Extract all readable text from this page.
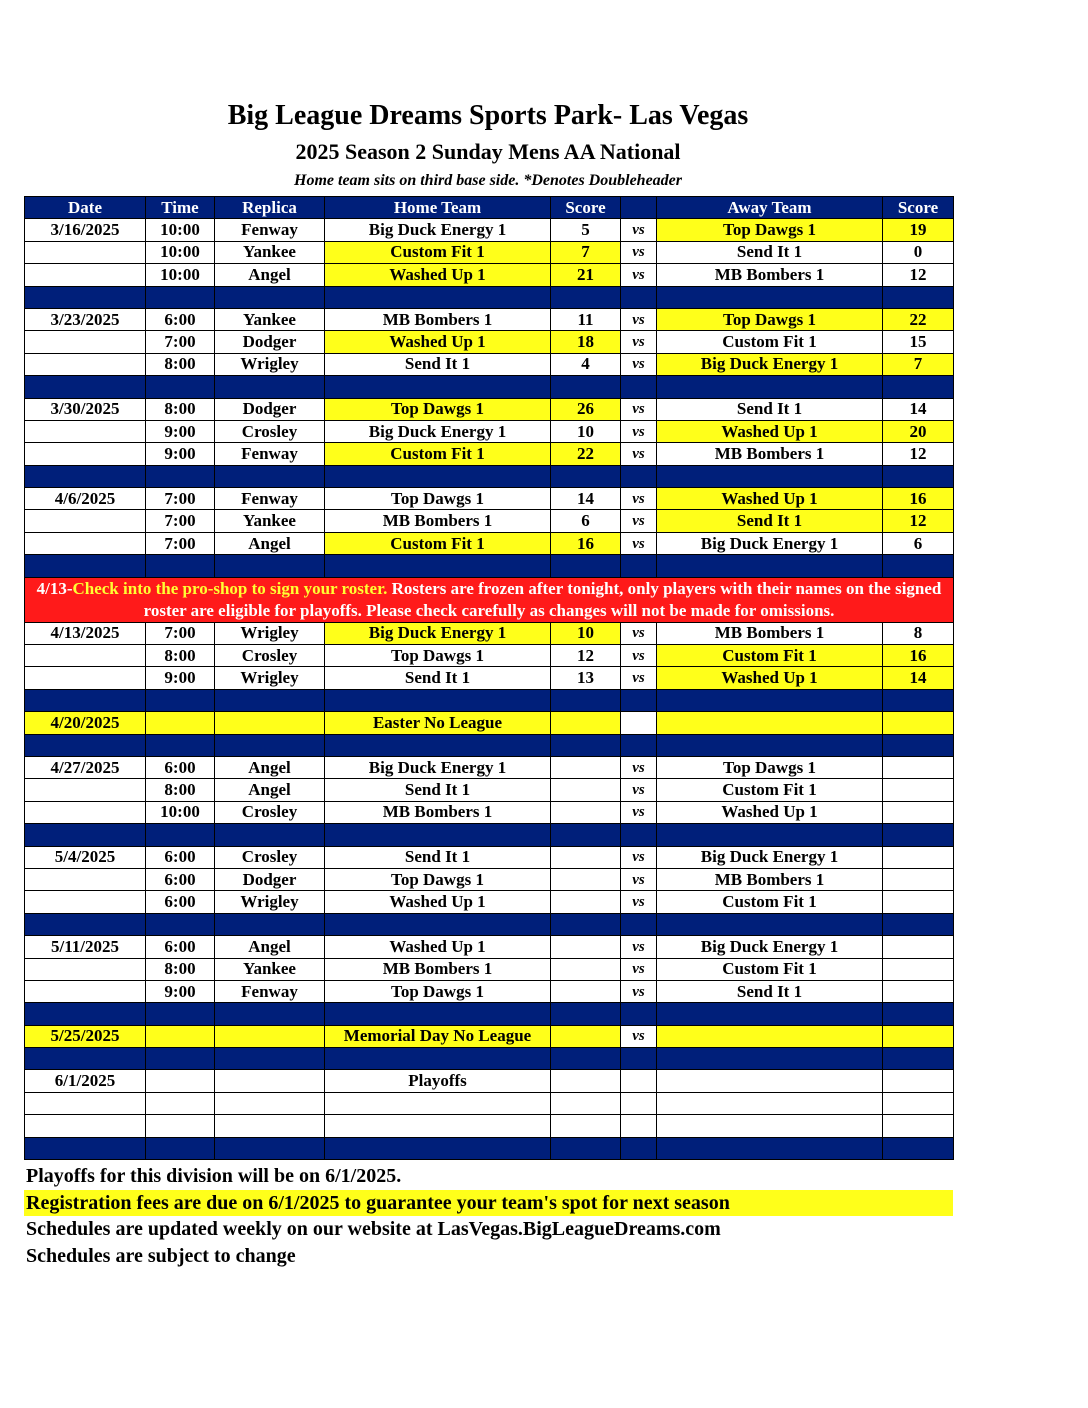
Big League Dreams Sports Park- Las Vegas
2025 Season 2 Sunday Mens AA National
Home team sits on third base side. *Denotes Doubleheader
Date	Time	Replica	Home Team	Score		Away Team	Score
3/16/2025	10:00	Fenway	Big Duck Energy 1	5	vs	Top Dawgs 1	19
	10:00	Yankee	Custom Fit 1	7	vs	Send It 1	0
	10:00	Angel	Washed Up 1	21	vs	MB Bombers 1	12

3/23/2025	6:00	Yankee	MB Bombers 1	11	vs	Top Dawgs 1	22
	7:00	Dodger	Washed Up 1	18	vs	Custom Fit 1	15
	8:00	Wrigley	Send It 1	4	vs	Big Duck Energy 1	7

3/30/2025	8:00	Dodger	Top Dawgs 1	26	vs	Send It 1	14
	9:00	Crosley	Big Duck Energy 1	10	vs	Washed Up 1	20
	9:00	Fenway	Custom Fit 1	22	vs	MB Bombers 1	12

4/6/2025	7:00	Fenway	Top Dawgs 1	14	vs	Washed Up 1	16
	7:00	Yankee	MB Bombers 1	6	vs	Send It 1	12
	7:00	Angel	Custom Fit 1	16	vs	Big Duck Energy 1	6

4/13-Check into the pro-shop to sign your roster. Rosters are frozen after tonight, only players with their names on the signed roster are eligible for playoffs. Please check carefully as changes will not be made for omissions.							
4/13/2025	7:00	Wrigley	Big Duck Energy 1	10	vs	MB Bombers 1	8
	8:00	Crosley	Top Dawgs 1	12	vs	Custom Fit 1	16
	9:00	Wrigley	Send It 1	13	vs	Washed Up 1	14

4/20/2025			Easter No League				

4/27/2025	6:00	Angel	Big Duck Energy 1		vs	Top Dawgs 1	
	8:00	Angel	Send It 1		vs	Custom Fit 1	
	10:00	Crosley	MB Bombers 1		vs	Washed Up 1	

5/4/2025	6:00	Crosley	Send It 1		vs	Big Duck Energy 1	
	6:00	Dodger	Top Dawgs 1		vs	MB Bombers 1	
	6:00	Wrigley	Washed Up 1		vs	Custom Fit 1	

5/11/2025	6:00	Angel	Washed Up 1		vs	Big Duck Energy 1	
	8:00	Yankee	MB Bombers 1		vs	Custom Fit 1	
	9:00	Fenway	Top Dawgs 1		vs	Send It 1	

5/25/2025			Memorial Day No League		vs		

6/1/2025			Playoffs				

Playoffs for this division will be on 6/1/2025.
Registration fees are due on 6/1/2025 to guarantee your team's spot for next season
Schedules are updated weekly on our website at LasVegas.BigLeagueDreams.com
Schedules are subject to change
